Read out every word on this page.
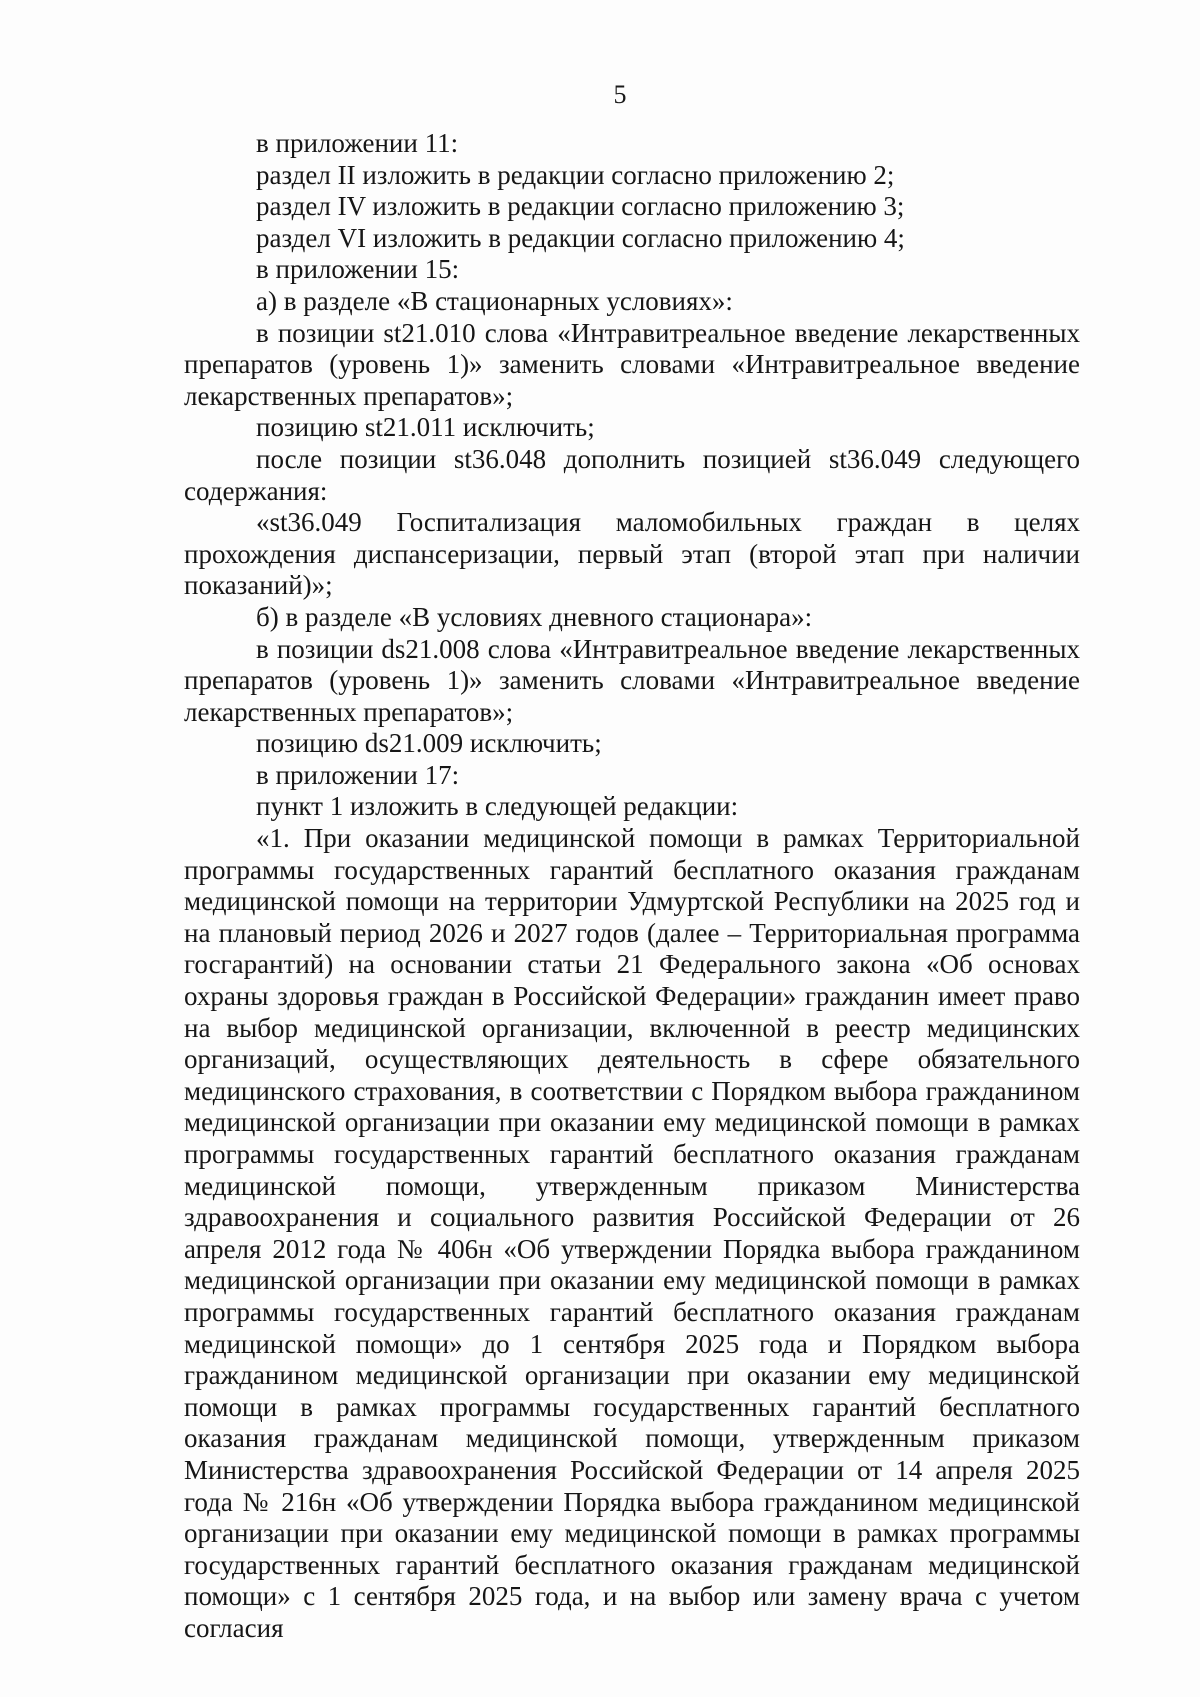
5

в приложении 11:

раздел II изложить в редакции согласно приложению 2;

раздел IV изложить в редакции согласно приложению 3;

раздел VI изложить в редакции согласно приложению 4;

в приложении 15:

а) в разделе «В стационарных условиях»:

в позиции st21.010 слова «Интравитреальное введение лекарственных препаратов (уровень 1)» заменить словами «Интравитреальное введение лекарственных препаратов»;

позицию st21.011 исключить;

после позиции st36.048 дополнить позицией st36.049 следующего содержания:

«st36.049 Госпитализация маломобильных граждан в целях прохождения диспансеризации, первый этап (второй этап при наличии показаний)»;

б) в разделе «В условиях дневного стационара»:

в позиции ds21.008 слова «Интравитреальное введение лекарственных препаратов (уровень 1)» заменить словами «Интравитреальное введение лекарственных препаратов»;

позицию ds21.009 исключить;

в приложении 17:

пункт 1 изложить в следующей редакции:

«1. При оказании медицинской помощи в рамках Территориальной программы государственных гарантий бесплатного оказания гражданам медицинской помощи на территории Удмуртской Республики на 2025 год и на плановый период 2026 и 2027 годов (далее – Территориальная программа госгарантий) на основании статьи 21 Федерального закона «Об основах охраны здоровья граждан в Российской Федерации» гражданин имеет право на выбор медицинской организации, включенной в реестр медицинских организаций, осуществляющих деятельность в сфере обязательного медицинского страхования, в соответствии с Порядком выбора гражданином медицинской организации при оказании ему медицинской помощи в рамках программы государственных гарантий бесплатного оказания гражданам медицинской помощи, утвержденным приказом Министерства здравоохранения и социального развития Российской Федерации от 26 апреля 2012 года № 406н «Об утверждении Порядка выбора гражданином медицинской организации при оказании ему медицинской помощи в рамках программы государственных гарантий бесплатного оказания гражданам медицинской помощи» до 1 сентября 2025 года и Порядком выбора гражданином медицинской организации при оказании ему медицинской помощи в рамках программы государственных гарантий бесплатного оказания гражданам медицинской помощи, утвержденным приказом Министерства здравоохранения Российской Федерации от 14 апреля 2025 года № 216н «Об утверждении Порядка выбора гражданином медицинской организации при оказании ему медицинской помощи в рамках программы государственных гарантий бесплатного оказания гражданам медицинской помощи» с 1 сентября 2025 года, и на выбор или замену врача с учетом согласия
